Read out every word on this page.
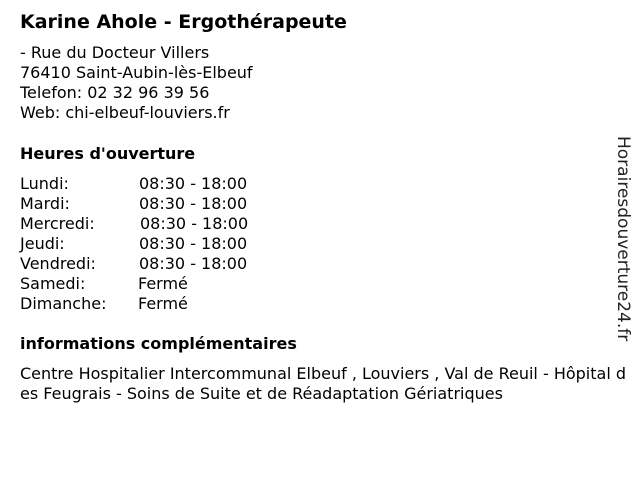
Karine Ahole - Ergothérapeute
- Rue du Docteur Villers
76410 Saint-Aubin-lès-Elbeuf
Telefon: 02 32 96 39 56
Web: chi-elbeuf-louviers.fr
Heures d'ouverture
Lundi:	08:30 - 18:00
Mardi:	08:30 - 18:00
Mercredi:	08:30 - 18:00
Jeudi:	08:30 - 18:00
Vendredi:	08:30 - 18:00
Samedi:	Fermé
Dimanche: Fermé
informations complémentaires
Centre Hospitalier Intercommunal Elbeuf , Louviers , Val de Reuil - Hôpital des Feugrais - Soins de Suite et de Réadaptation Gériatriques
Horairesdouverture24.fr
